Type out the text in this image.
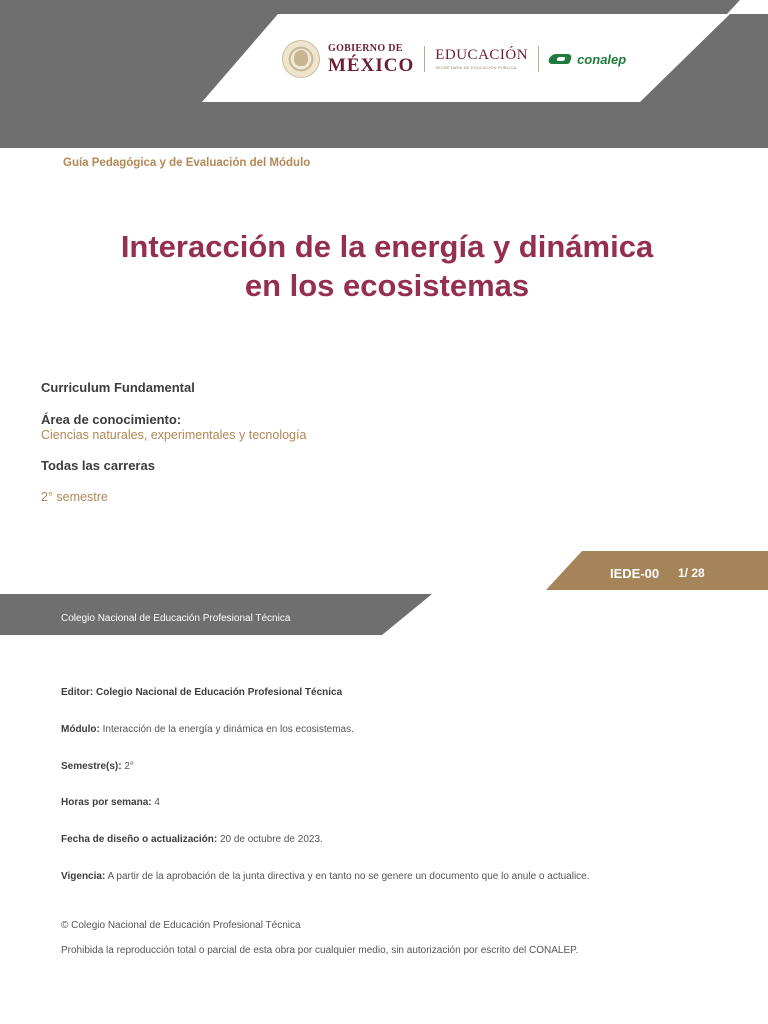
GOBIERNO DE
MÉXICO EDUCACIÓN
SECRETARÍA DE EDUCACIÓN PÚBLICA
conalep
Guía Pedagógica y de Evaluación del Módulo
Interacción de la energía y dinámica
en los ecosistemas
Curriculum Fundamental
Área de conocimiento:
Ciencias naturales, experimentales y tecnología
Todas las carreras
2° semestre
IEDE-00 1/ 28
Colegio Nacional de Educación Profesional Técnica
Editor: Colegio Nacional de Educación Profesional Técnica
Módulo: Interacción de la energía y dinámica en los ecosistemas.
Semestre(s): 2°
Horas por semana: 4
Fecha de diseño o actualización: 20 de octubre de 2023.
Vigencia: A partir de la aprobación de la junta directiva y en tanto no se genere un documento que lo anule o actualice.
© Colegio Nacional de Educación Profesional Técnica
Prohibida la reproducción total o parcial de esta obra por cualquier medio, sin autorización por escrito del CONALEP.
